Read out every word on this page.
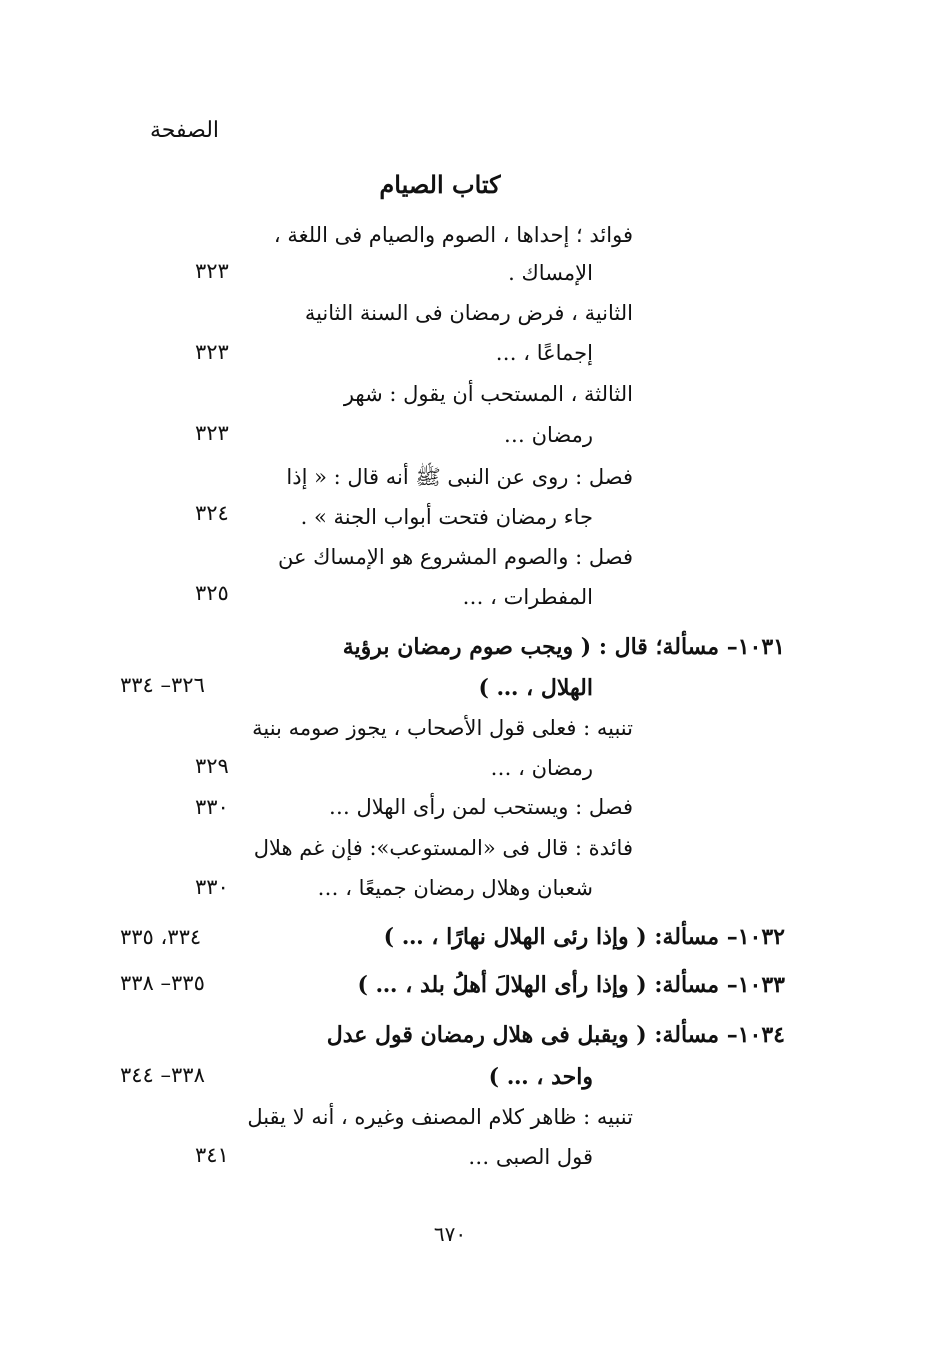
الصفحة
كتاب الصيام
فوائد ؛ إحداها ، الصوم والصيام فى اللغة ،
الإمساك .
٣٢٣
الثانية ، فرض رمضان فى السنة الثانية
إجماعًا ، …
٣٢٣
الثالثة ، المستحب أن يقول : شهر
رمضان …
٣٢٣
فصل : روى عن النبى ﷺ أنه قال : « إذا
جاء رمضان فتحت أبواب الجنة » .
٣٢٤
فصل : والصوم المشروع هو الإمساك عن
المفطرات ، …
٣٢٥
١٠٣١– مسألة؛ قال : ( ويجب صوم رمضان برؤية
الهلال ، … )
٣٢٦– ٣٣٤
تنبيه : فعلى قول الأصحاب ، يجوز صومه بنية
رمضان ، …
٣٢٩
فصل : ويستحب لمن رأى الهلال …
٣٣٠
فائدة : قال فى «المستوعب»: فإن غم هلال
شعبان وهلال رمضان جميعًا ، …
٣٣٠
١٠٣٢– مسألة: ( وإذا رئى الهلال نهارًا ، … )
٣٣٤، ٣٣٥
١٠٣٣– مسألة: ( وإذا رأى الهلالَ أهلُ بلد ، … )
٣٣٥– ٣٣٨
١٠٣٤– مسألة: ( ويقبل فى هلال رمضان قول عدل
واحد ، … )
٣٣٨– ٣٤٤
تنبيه : ظاهر كلام المصنف وغيره ، أنه لا يقبل
قول الصبى …
٣٤١
٦٧٠
